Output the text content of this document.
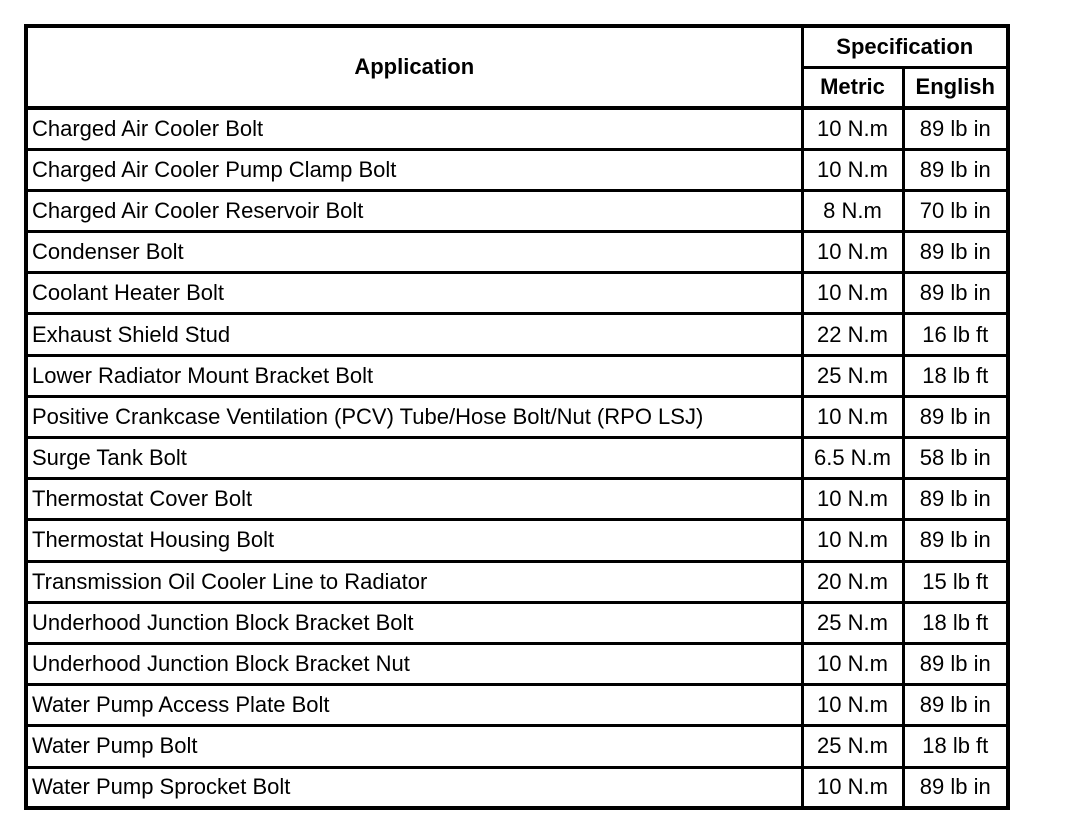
Application	Specification	
	Metric	English
Charged Air Cooler Bolt	10 N.m	89 lb in
Charged Air Cooler Pump Clamp Bolt	10 N.m	89 lb in
Charged Air Cooler Reservoir Bolt	8 N.m	70 lb in
Condenser Bolt	10 N.m	89 lb in
Coolant Heater Bolt	10 N.m	89 lb in
Exhaust Shield Stud	22 N.m	16 lb ft
Lower Radiator Mount Bracket Bolt	25 N.m	18 lb ft
Positive Crankcase Ventilation (PCV) Tube/Hose Bolt/Nut (RPO LSJ)	10 N.m	89 lb in
Surge Tank Bolt	6.5 N.m	58 lb in
Thermostat Cover Bolt	10 N.m	89 lb in
Thermostat Housing Bolt	10 N.m	89 lb in
Transmission Oil Cooler Line to Radiator	20 N.m	15 lb ft
Underhood Junction Block Bracket Bolt	25 N.m	18 lb ft
Underhood Junction Block Bracket Nut	10 N.m	89 lb in
Water Pump Access Plate Bolt	10 N.m	89 lb in
Water Pump Bolt	25 N.m	18 lb ft
Water Pump Sprocket Bolt	10 N.m	89 lb in
